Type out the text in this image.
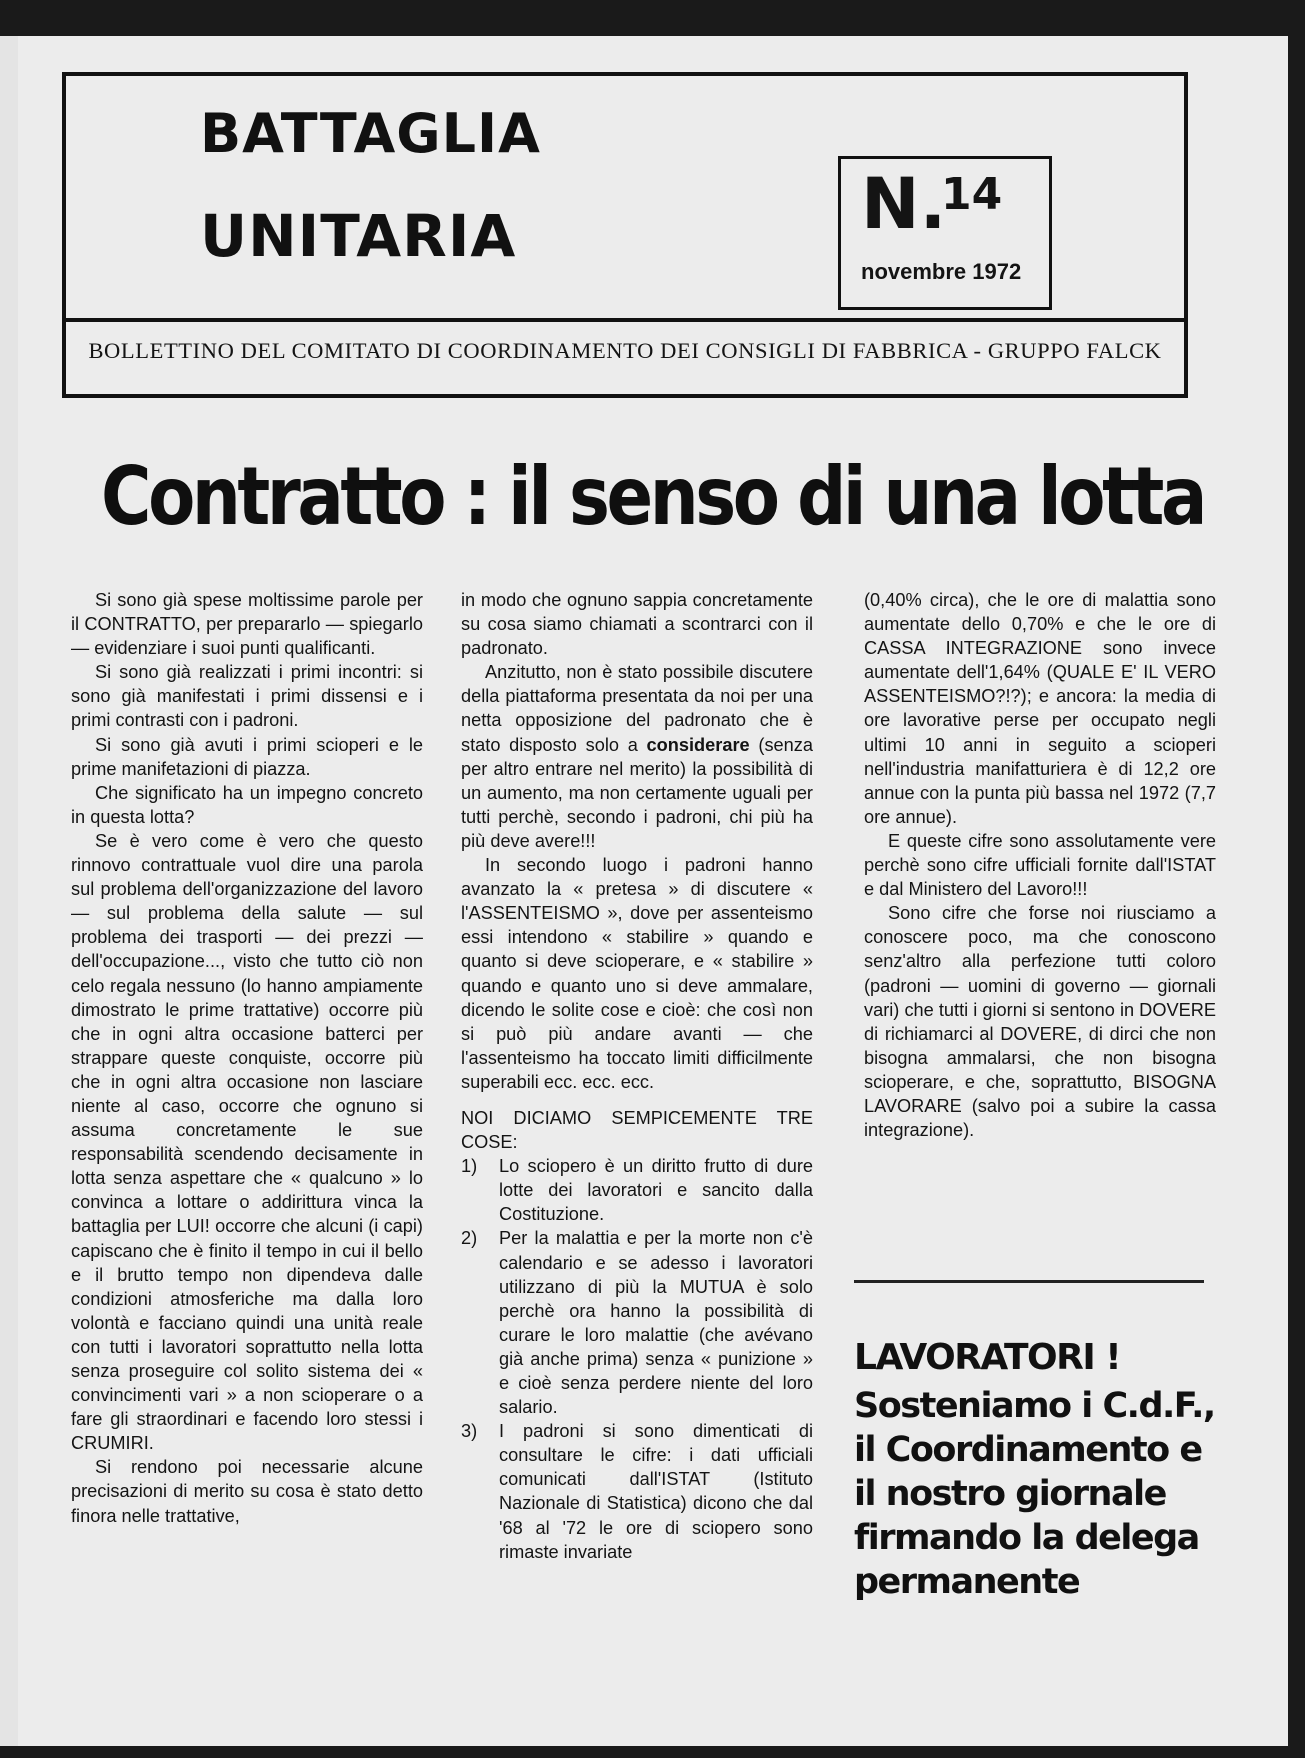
BATTAGLIA
UNITARIA	N.
14
novembre 1972
BOLLETTINO DEL COMITATO DI COORDINAMENTO DEI CONSIGLI DI FABBRICA - GRUPPO FALCK
Contratto : il senso di una lotta

Si sono già spese moltissime parole per il CONTRATTO, per prepararlo — spiegarlo — evidenziare i suoi punti qualificanti.

Si sono già realizzati i primi incontri: si sono già manifestati i primi dissensi e i primi contrasti con i padroni.

Si sono già avuti i primi scioperi e le prime manifetazioni di piazza.

Che significato ha un impegno concreto in questa lotta?

Se è vero come è vero che questo rinnovo contrattuale vuol dire una parola sul problema dell'organizzazione del lavoro — sul problema della salute — sul problema dei trasporti — dei prezzi — dell'occupazione..., visto che tutto ciò non celo regala nessuno (lo hanno ampiamente dimostrato le prime trattative) occorre più che in ogni altra occasione batterci per strappare queste conquiste, occorre più che in ogni altra occasione non lasciare niente al caso, occorre che ognuno si assuma concretamente le sue responsabilità scendendo decisamente in lotta senza aspettare che « qualcuno » lo convinca a lottare o addirittura vinca la battaglia per LUI! occorre che alcuni (i capi) capiscano che è finito il tempo in cui il bello e il brutto tempo non dipendeva dalle condizioni atmosferiche ma dalla loro volontà e facciano quindi una unità reale con tutti i lavoratori soprattutto nella lotta senza proseguire col solito sistema dei « convincimenti vari » a non scioperare o a fare gli straordinari e facendo loro stessi i CRUMIRI.

Si rendono poi necessarie alcune precisazioni di merito su cosa è stato detto finora nelle trattative,

in modo che ognuno sappia concretamente su cosa siamo chiamati a scontrarci con il padronato.

Anzitutto, non è stato possibile discutere della piattaforma presentata da noi per una netta opposizione del padronato che è stato disposto solo a considerare (senza per altro entrare nel merito) la possibilità di un aumento, ma non certamente uguali per tutti perchè, secondo i padroni, chi più ha più deve avere!!!

In secondo luogo i padroni hanno avanzato la « pretesa » di discutere « l'ASSENTEISMO », dove per assenteismo essi intendono « stabilire » quando e quanto si deve scioperare, e « stabilire » quando e quanto uno si deve ammalare, dicendo le solite cose e cioè: che così non si può più andare avanti — che l'assenteismo ha toccato limiti difficilmente superabili ecc. ecc. ecc.

NOI DICIAMO SEMPICEMENTE TRE COSE:

1) Lo sciopero è un diritto frutto di dure lotte dei lavoratori e sancito dalla Costituzione.
2) Per la malattia e per la morte non c'è calendario e se adesso i lavoratori utilizzano di più la MUTUA è solo perchè ora hanno la possibilità di curare le loro malattie (che avévano già anche prima) senza « punizione » e cioè senza perdere niente del loro salario.
3) I padroni si sono dimenticati di consultare le cifre: i dati ufficiali comunicati dall'ISTAT (Istituto Nazionale di Statistica) dicono che dal '68 al '72 le ore di sciopero sono rimaste invariate

(0,40% circa), che le ore di malattia sono aumentate dello 0,70% e che le ore di CASSA INTEGRAZIONE sono invece aumentate dell'1,64% (QUALE E' IL VERO ASSENTEISMO?!?); e ancora: la media di ore lavorative perse per occupato negli ultimi 10 anni in seguito a scioperi nell'industria manifatturiera è di 12,2 ore annue con la punta più bassa nel 1972 (7,7 ore annue).

E queste cifre sono assolutamente vere perchè sono cifre ufficiali fornite dall'ISTAT e dal Ministero del Lavoro!!!

Sono cifre che forse noi riusciamo a conoscere poco, ma che conoscono senz'altro alla perfezione tutti coloro (padroni — uomini di governo — giornali vari) che tutti i giorni si sentono in DOVERE di richiamarci al DOVERE, di dirci che non bisogna ammalarsi, che non bisogna scioperare, e che, soprattutto, BISOGNA LAVORARE (salvo poi a subire la cassa integrazione).

LAVORATORI !
Sosteniamo i C.d.F.,
il Coordinamento e
il nostro giornale
firmando la delega
permanente
